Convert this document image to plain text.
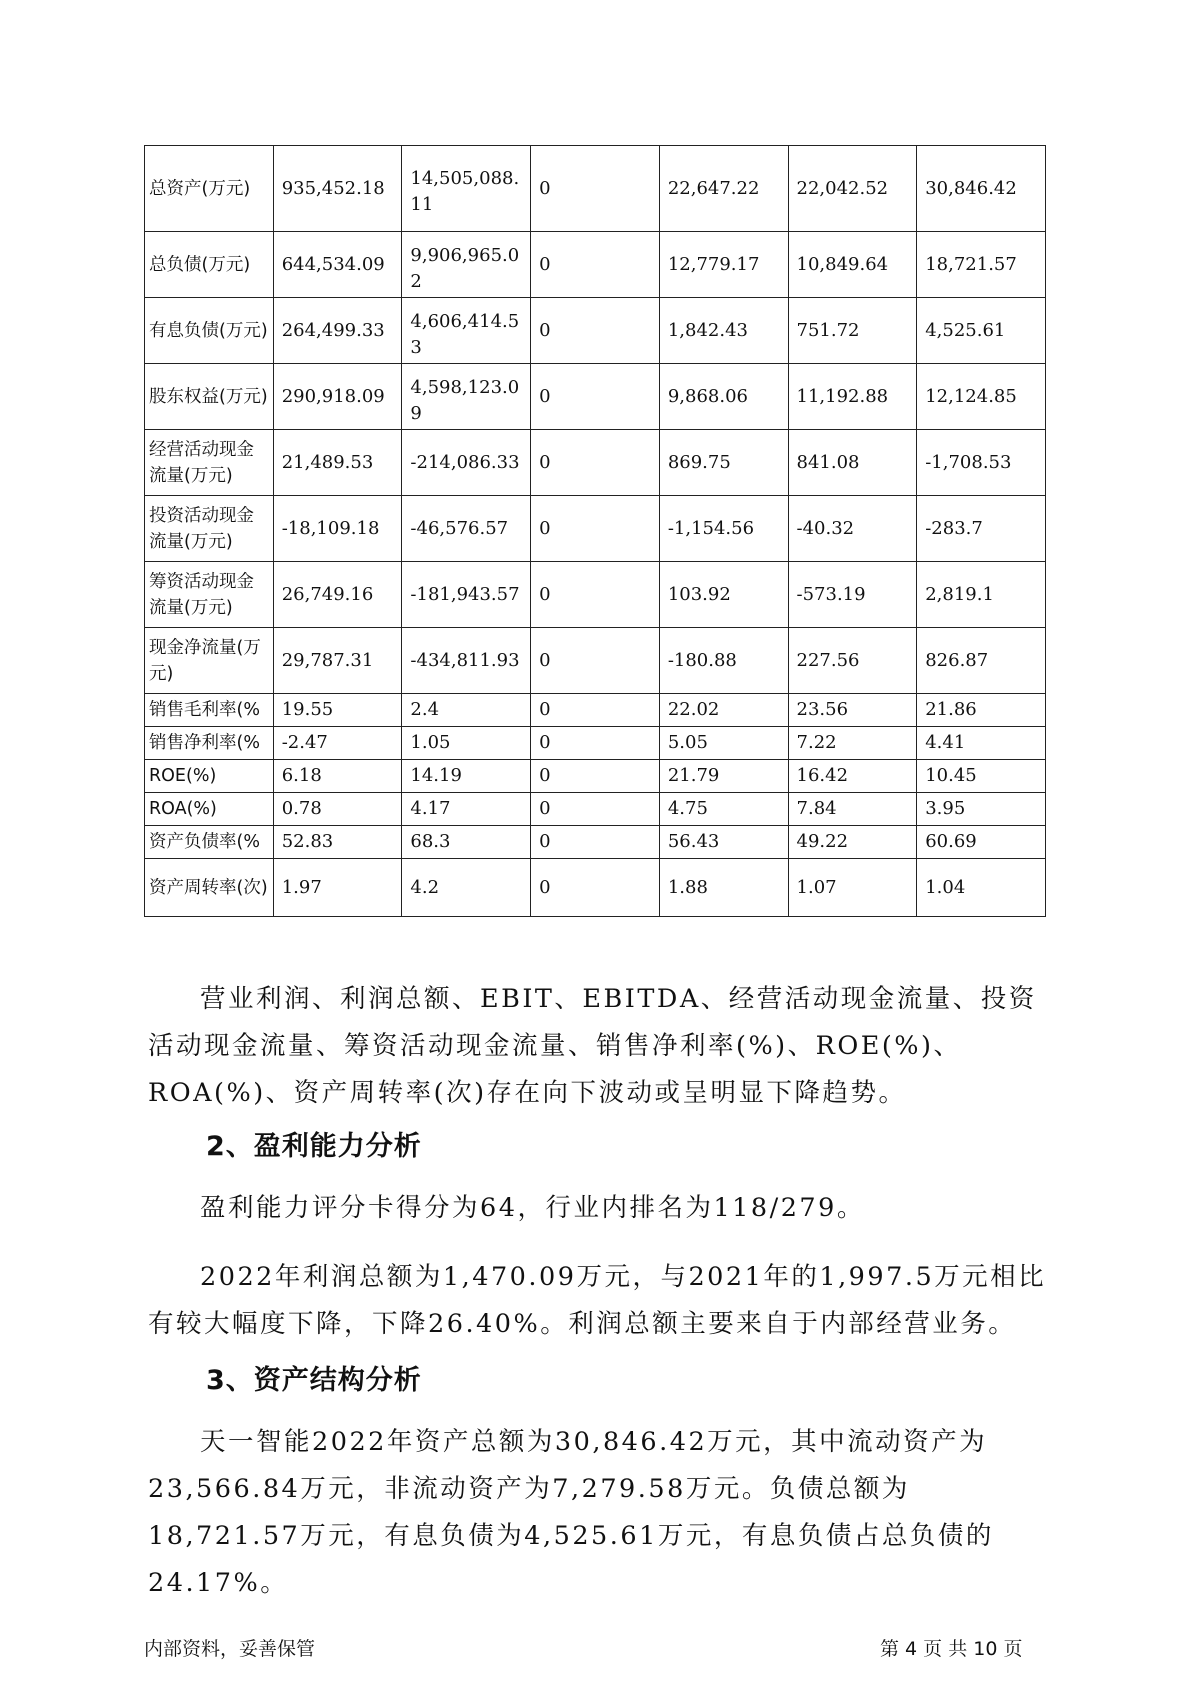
总资产(万元)	935,452.18	14,505,088.11	0	22,647.22	22,042.52	30,846.42
总负债(万元)	644,534.09	9,906,965.02	0	12,779.17	10,849.64	18,721.57
有息负债(万元)	264,499.33	4,606,414.53	0	1,842.43	751.72	4,525.61
股东权益(万元)	290,918.09	4,598,123.09	0	9,868.06	11,192.88	12,124.85
经营活动现金流量(万元)	21,489.53	-214,086.33	0	869.75	841.08	-1,708.53
投资活动现金流量(万元)	-18,109.18	-46,576.57	0	-1,154.56	-40.32	-283.7
筹资活动现金流量(万元)	26,749.16	-181,943.57	0	103.92	-573.19	2,819.1
现金净流量(万元)	29,787.31	-434,811.93	0	-180.88	227.56	826.87
销售毛利率(%	19.55	2.4	0	22.02	23.56	21.86
销售净利率(%	-2.47	1.05	0	5.05	7.22	4.41
ROE(%)	6.18	14.19	0	21.79	16.42	10.45
ROA(%)	0.78	4.17	0	4.75	7.84	3.95
资产负债率(%	52.83	68.3	0	56.43	49.22	60.69
资产周转率(次)	1.97	4.2	0	1.88	1.07	1.04
营业利润、利润总额、EBIT、EBITDA、经营活动现金流量、投资活动现金流量、筹资活动现金流量、销售净利率(%)、ROE(%)、ROA(%)、资产周转率(次)存在向下波动或呈明显下降趋势。
2、盈利能力分析
盈利能力评分卡得分为64，行业内排名为118/279。
2022年利润总额为1,470.09万元，与2021年的1,997.5万元相比有较大幅度下降，下降26.40%。利润总额主要来自于内部经营业务。
3、资产结构分析
天一智能2022年资产总额为30,846.42万元，其中流动资产为23,566.84万元，非流动资产为7,279.58万元。负债总额为18,721.57万元，有息负债为4,525.61万元，有息负债占总负债的24.17%。
内部资料，妥善保管	第 4 页 共 10 页
